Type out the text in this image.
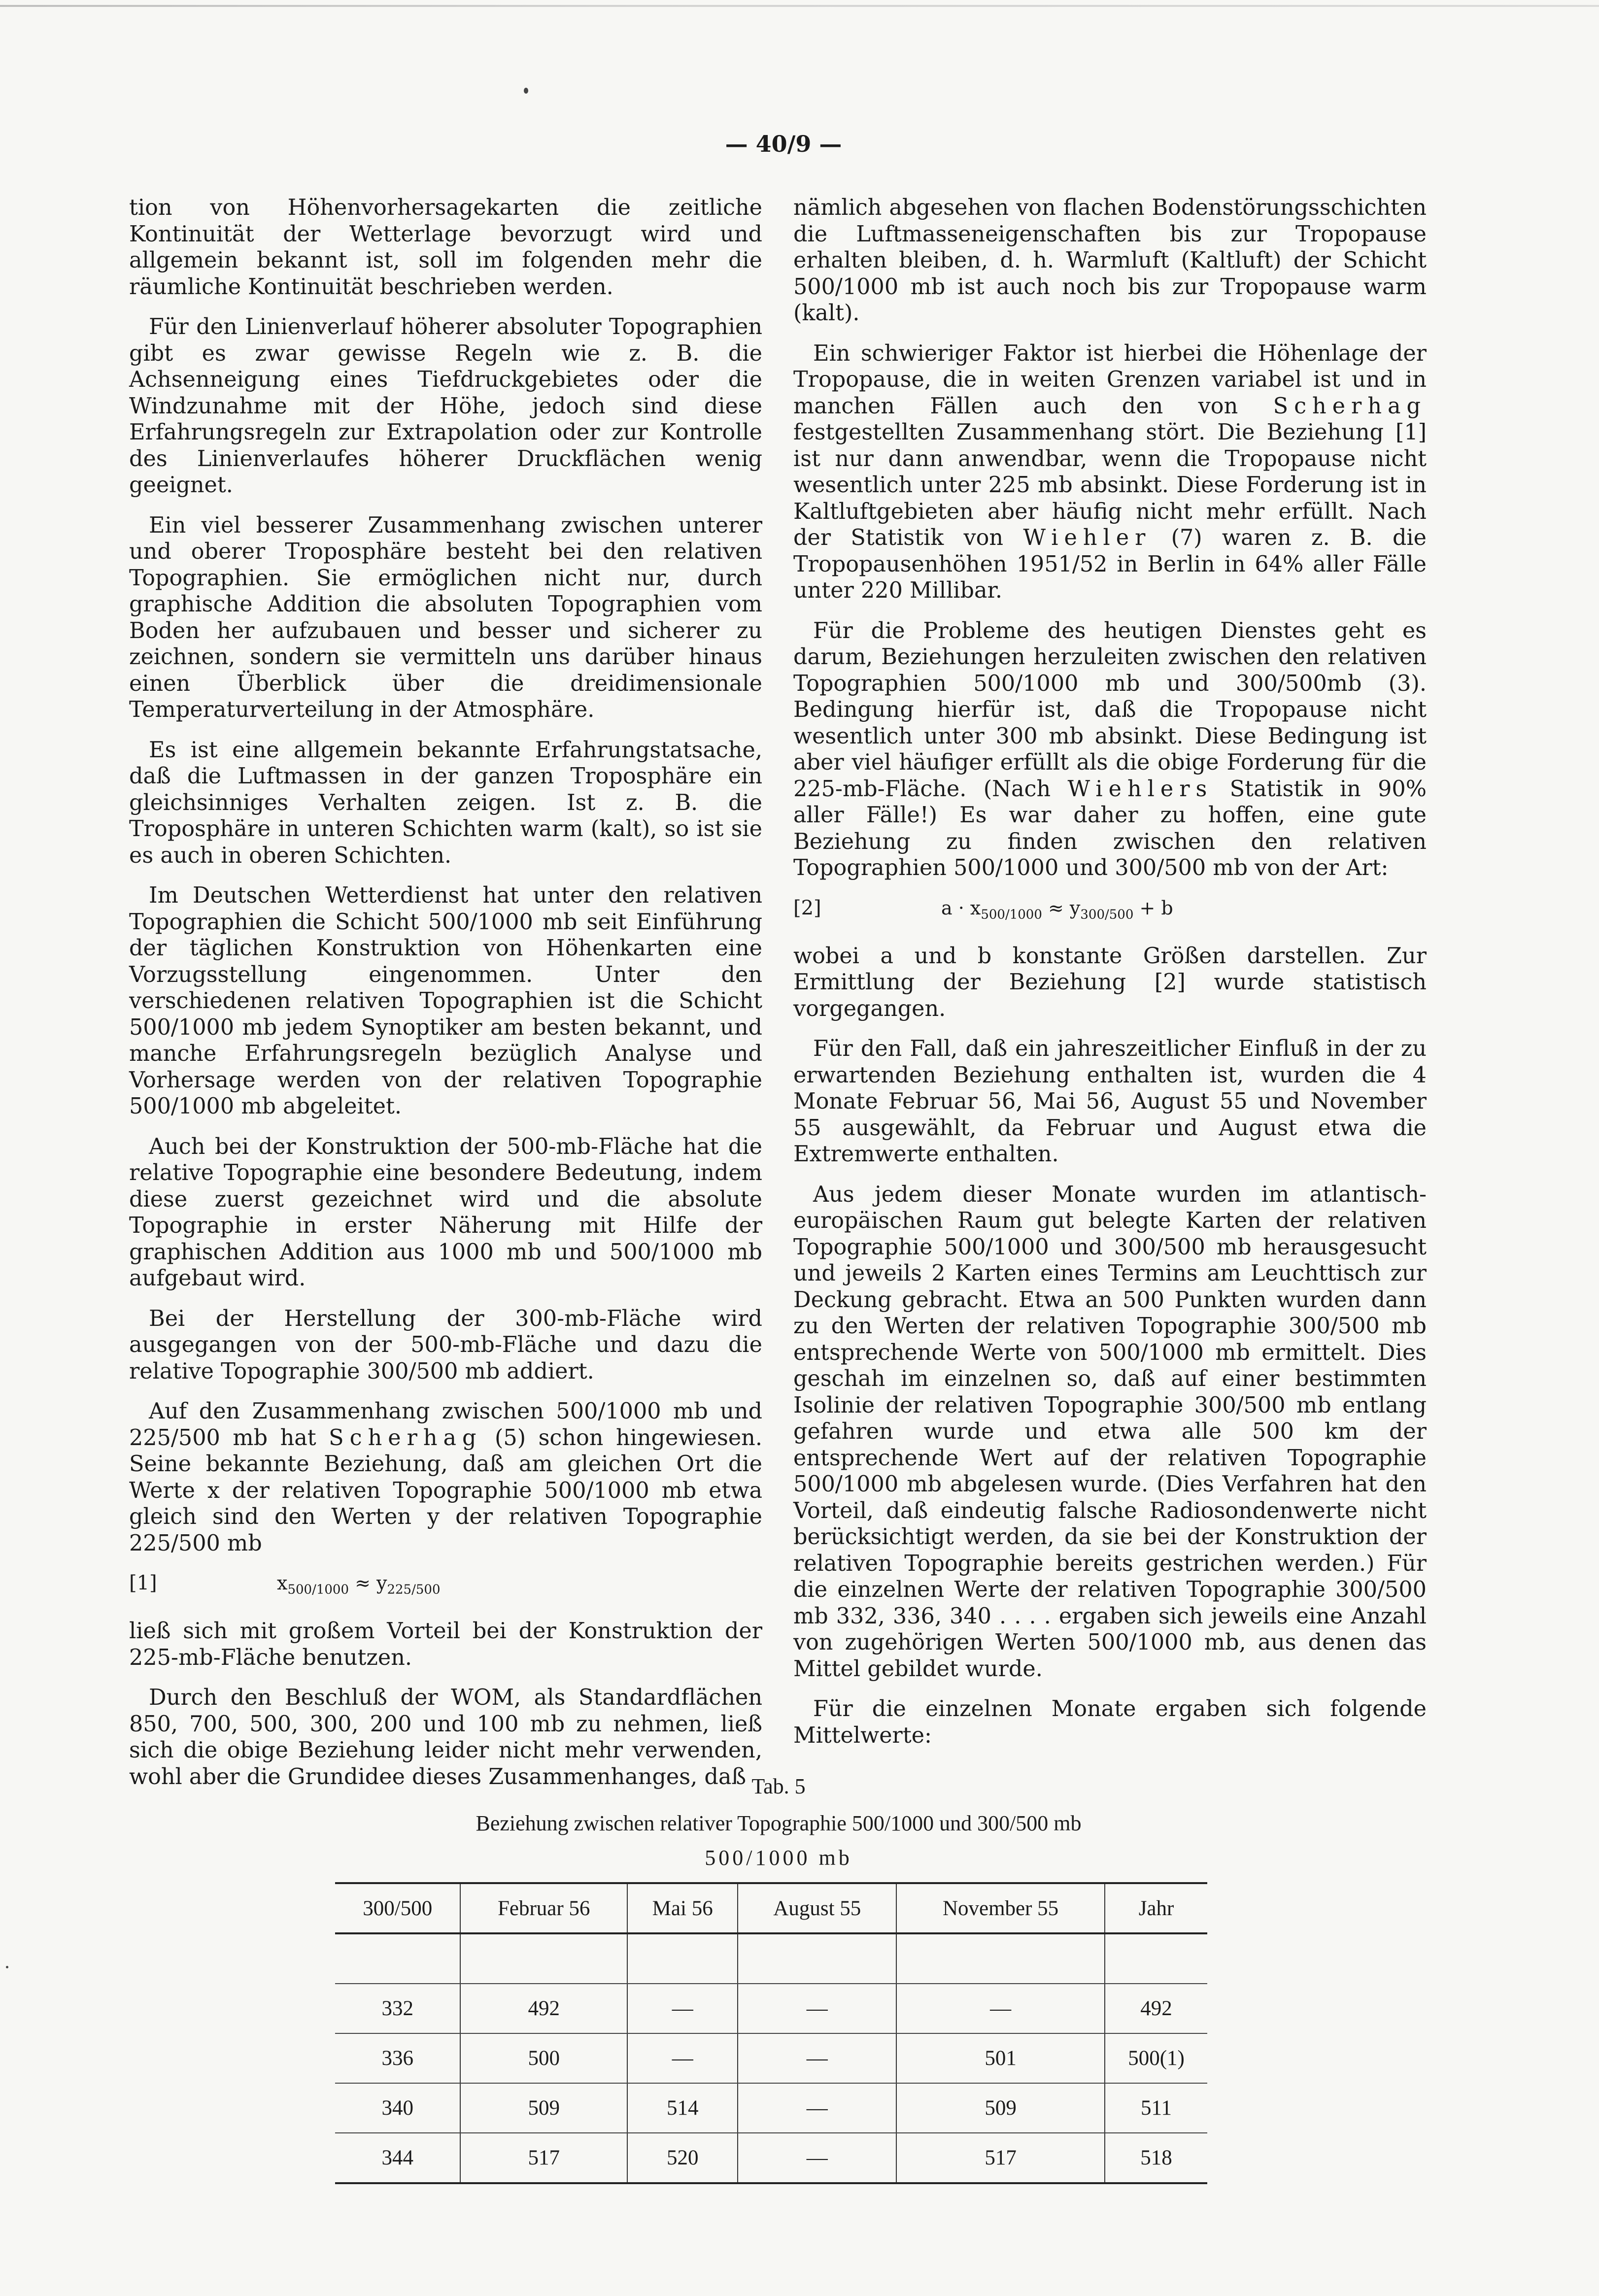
— 40/9 —

tion von Höhenvorhersagekarten die zeitliche Kontinuität der Wetterlage bevorzugt wird und allgemein bekannt ist, soll im folgenden mehr die räumliche Kontinuität beschrieben werden.

Für den Linienverlauf höherer absoluter Topographien gibt es zwar gewisse Regeln wie z. B. die Achsenneigung eines Tiefdruckgebietes oder die Windzunahme mit der Höhe, jedoch sind diese Erfahrungsregeln zur Extrapolation oder zur Kontrolle des Linienverlaufes höherer Druckflächen wenig geeignet.

Ein viel besserer Zusammenhang zwischen unterer und oberer Troposphäre besteht bei den relativen Topographien. Sie ermöglichen nicht nur, durch graphische Addition die absoluten Topographien vom Boden her aufzubauen und besser und sicherer zu zeichnen, sondern sie vermitteln uns darüber hinaus einen Überblick über die dreidimensionale Temperaturverteilung in der Atmosphäre.

Es ist eine allgemein bekannte Erfahrungstatsache, daß die Luftmassen in der ganzen Troposphäre ein gleichsinniges Verhalten zeigen. Ist z. B. die Troposphäre in unteren Schichten warm (kalt), so ist sie es auch in oberen Schichten.

Im Deutschen Wetterdienst hat unter den relativen Topographien die Schicht 500/1000 mb seit Einführung der täglichen Konstruktion von Höhenkarten eine Vorzugsstellung eingenommen. Unter den verschiedenen relativen Topographien ist die Schicht 500/1000 mb jedem Synoptiker am besten bekannt, und manche Erfahrungsregeln bezüglich Analyse und Vorhersage werden von der relativen Topographie 500/1000 mb abgeleitet.

Auch bei der Konstruktion der 500-mb-Fläche hat die relative Topographie eine besondere Bedeutung, indem diese zuerst gezeichnet wird und die absolute Topographie in erster Näherung mit Hilfe der graphischen Addition aus 1000 mb und 500/1000 mb aufgebaut wird.

Bei der Herstellung der 300-mb-Fläche wird ausgegangen von der 500-mb-Fläche und dazu die relative Topographie 300/500 mb addiert.

Auf den Zusammenhang zwischen 500/1000 mb und 225/500 mb hat Scherhag (5) schon hingewiesen. Seine bekannte Beziehung, daß am gleichen Ort die Werte x der relativen Topographie 500/1000 mb etwa gleich sind den Werten y der relativen Topographie 225/500 mb

[1]	$x_{500/1000} \approx y_{225/500}$

ließ sich mit großem Vorteil bei der Konstruktion der 225-mb-Fläche benutzen.

Durch den Beschluß der WOM, als Standardflächen 850, 700, 500, 300, 200 und 100 mb zu nehmen, ließ sich die obige Beziehung leider nicht mehr verwenden, wohl aber die Grundidee dieses Zusammenhanges, daß

nämlich abgesehen von flachen Bodenstörungsschichten die Luftmasseneigenschaften bis zur Tropopause erhalten bleiben, d. h. Warmluft (Kaltluft) der Schicht 500/1000 mb ist auch noch bis zur Tropopause warm (kalt).

Ein schwieriger Faktor ist hierbei die Höhenlage der Tropopause, die in weiten Grenzen variabel ist und in manchen Fällen auch den von Scherhag festgestellten Zusammenhang stört. Die Beziehung [1] ist nur dann anwendbar, wenn die Tropopause nicht wesentlich unter 225 mb absinkt. Diese Forderung ist in Kaltluftgebieten aber häufig nicht mehr erfüllt. Nach der Statistik von Wiehler (7) waren z. B. die Tropopausenhöhen 1951/52 in Berlin in 64% aller Fälle unter 220 Millibar.

Für die Probleme des heutigen Dienstes geht es darum, Beziehungen herzuleiten zwischen den relativen Topographien 500/1000 mb und 300/500mb (3). Bedingung hierfür ist, daß die Tropopause nicht wesentlich unter 300 mb absinkt. Diese Bedingung ist aber viel häufiger erfüllt als die obige Forderung für die 225-mb-Fläche. (Nach Wiehlers Statistik in 90% aller Fälle!) Es war daher zu hoffen, eine gute Beziehung zu finden zwischen den relativen Topographien 500/1000 und 300/500 mb von der Art:

[2]	$a \cdot x_{500/1000} \approx y_{300/500} + b$

wobei a und b konstante Größen darstellen. Zur Ermittlung der Beziehung [2] wurde statistisch vorgegangen.

Für den Fall, daß ein jahreszeitlicher Einfluß in der zu erwartenden Beziehung enthalten ist, wurden die 4 Monate Februar 56, Mai 56, August 55 und November 55 ausgewählt, da Februar und August etwa die Extremwerte enthalten.

Aus jedem dieser Monate wurden im atlantisch-europäischen Raum gut belegte Karten der relativen Topographie 500/1000 und 300/500 mb herausgesucht und jeweils 2 Karten eines Termins am Leuchttisch zur Deckung gebracht. Etwa an 500 Punkten wurden dann zu den Werten der relativen Topographie 300/500 mb entsprechende Werte von 500/1000 mb ermittelt. Dies geschah im einzelnen so, daß auf einer bestimmten Isolinie der relativen Topographie 300/500 mb entlang gefahren wurde und etwa alle 500 km der entsprechende Wert auf der relativen Topographie 500/1000 mb abgelesen wurde. (Dies Verfahren hat den Vorteil, daß eindeutig falsche Radiosondenwerte nicht berücksichtigt werden, da sie bei der Konstruktion der relativen Topographie bereits gestrichen werden.) Für die einzelnen Werte der relativen Topographie 300/500 mb 332, 336, 340 . . . . ergaben sich jeweils eine Anzahl von zugehörigen Werten 500/1000 mb, aus denen das Mittel gebildet wurde.

Für die einzelnen Monate ergaben sich folgende Mittelwerte:

Tab. 5
Beziehung zwischen relativer Topographie 500/1000 und 300/500 mb
500/1000 mb
300/500	Februar 56	Mai 56	August 55	November 55	Jahr

332	492	—	—	—	492
336	500	—	—	501	500(1)
340	509	514	—	509	511
344	517	520	—	517	518
